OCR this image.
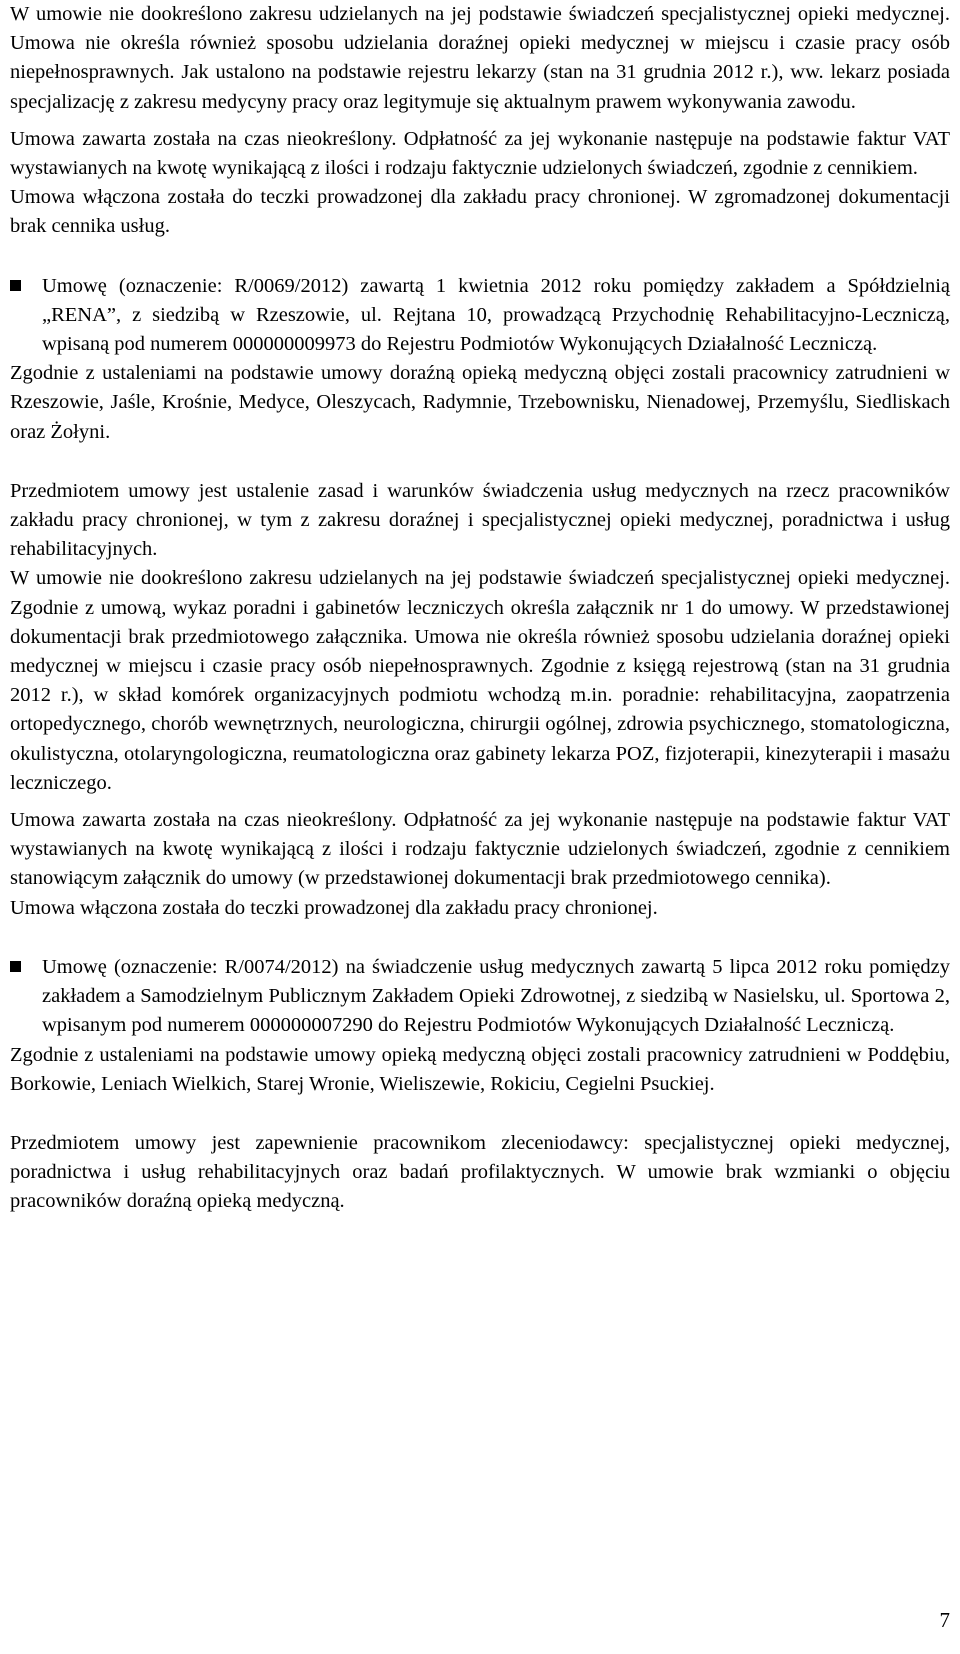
W umowie nie dookreślono zakresu udzielanych na jej podstawie świadczeń specjalistycznej opieki medycznej. Umowa nie określa również sposobu udzielania doraźnej opieki medycznej w miejscu i czasie pracy osób niepełnosprawnych. Jak ustalono na podstawie rejestru lekarzy (stan na 31 grudnia 2012 r.), ww. lekarz posiada specjalizację z zakresu medycyny pracy oraz legitymuje się aktualnym prawem wykonywania zawodu.

Umowa zawarta została na czas nieokreślony. Odpłatność za jej wykonanie następuje na podstawie faktur VAT wystawianych na kwotę wynikającą z ilości i rodzaju faktycznie udzielonych świadczeń, zgodnie z cennikiem.

Umowa włączona została do teczki prowadzonej dla zakładu pracy chronionej. W zgromadzonej dokumentacji brak cennika usług.

Umowę (oznaczenie: R/0069/2012) zawartą 1 kwietnia 2012 roku pomiędzy zakładem a Spółdzielnią „RENA”, z siedzibą w Rzeszowie, ul. Rejtana 10, prowadzącą Przychodnię Rehabilitacyjno-Leczniczą, wpisaną pod numerem 000000009973 do Rejestru Podmiotów Wykonujących Działalność Leczniczą.

Zgodnie z ustaleniami na podstawie umowy doraźną opieką medyczną objęci zostali pracownicy zatrudnieni w Rzeszowie, Jaśle, Krośnie, Medyce, Oleszycach, Radymnie, Trzebownisku, Nienadowej, Przemyślu, Siedliskach oraz Żołyni.

Przedmiotem umowy jest ustalenie zasad i warunków świadczenia usług medycznych na rzecz pracowników zakładu pracy chronionej, w tym z zakresu doraźnej i specjalistycznej opieki medycznej, poradnictwa i usług rehabilitacyjnych.

W umowie nie dookreślono zakresu udzielanych na jej podstawie świadczeń specjalistycznej opieki medycznej. Zgodnie z umową, wykaz poradni i gabinetów leczniczych określa załącznik nr 1 do umowy. W przedstawionej dokumentacji brak przedmiotowego załącznika. Umowa nie określa również sposobu udzielania doraźnej opieki medycznej w miejscu i czasie pracy osób niepełnosprawnych. Zgodnie z księgą rejestrową (stan na 31 grudnia 2012 r.), w skład komórek organizacyjnych podmiotu wchodzą m.in. poradnie: rehabilitacyjna, zaopatrzenia ortopedycznego, chorób wewnętrznych, neurologiczna, chirurgii ogólnej, zdrowia psychicznego, stomatologiczna, okulistyczna, otolaryngologiczna, reumatologiczna oraz gabinety lekarza POZ, fizjoterapii, kinezyterapii i masażu leczniczego.

Umowa zawarta została na czas nieokreślony. Odpłatność za jej wykonanie następuje na podstawie faktur VAT wystawianych na kwotę wynikającą z ilości i rodzaju faktycznie udzielonych świadczeń, zgodnie z cennikiem stanowiącym załącznik do umowy (w przedstawionej dokumentacji brak przedmiotowego cennika).

Umowa włączona została do teczki prowadzonej dla zakładu pracy chronionej.

Umowę (oznaczenie: R/0074/2012) na świadczenie usług medycznych zawartą 5 lipca 2012 roku pomiędzy zakładem a Samodzielnym Publicznym Zakładem Opieki Zdrowotnej, z siedzibą w Nasielsku, ul. Sportowa 2, wpisanym pod numerem 000000007290 do Rejestru Podmiotów Wykonujących Działalność Leczniczą.

Zgodnie z ustaleniami na podstawie umowy opieką medyczną objęci zostali pracownicy zatrudnieni w Poddębiu, Borkowie, Leniach Wielkich, Starej Wronie, Wieliszewie, Rokiciu, Cegielni Psuckiej.

Przedmiotem umowy jest zapewnienie pracownikom zleceniodawcy: specjalistycznej opieki medycznej, poradnictwa i usług rehabilitacyjnych oraz badań profilaktycznych. W umowie brak wzmianki o objęciu pracowników doraźną opieką medyczną.

7
